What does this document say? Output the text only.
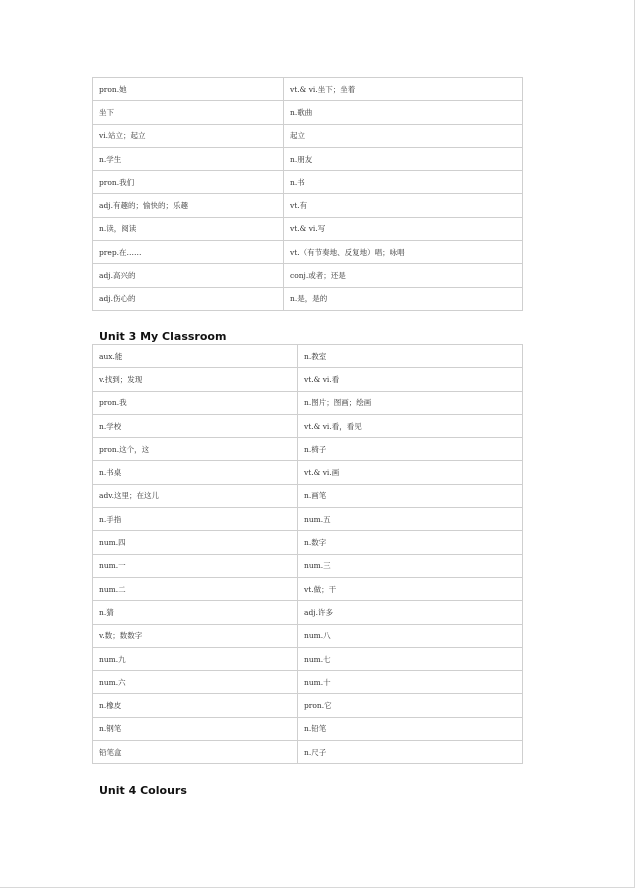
pron.她	vt.& vi.坐下；坐着
坐下	n.歌曲
vi.站立；起立	起立
n.学生	n.朋友
pron.我们	n.书
adj.有趣的；愉快的；乐趣	vt.有
n.读，阅读	vt.& vi.写
prep.在……	vt.（有节奏地、反复地）唱；咏唱
adj.高兴的	conj.或者；还是
adj.伤心的	n.是，是的
Unit 3 My Classroom
aux.能	n.教室
v.找到；发现	vt.& vi.看
pron.我	n.图片；图画；绘画
n.学校	vt.& vi.看，看见
pron.这个，这	n.椅子
n.书桌	vt.& vi.画
adv.这里；在这儿	n.画笔
n.手指	num.五
num.四	n.数字
num.一	num.三
num.二	vt.做；干
n.猜	adj.许多
v.数；数数字	num.八
num.九	num.七
num.六	num.十
n.橡皮	pron.它
n.钢笔	n.铅笔
铅笔盒	n.尺子
Unit 4 Colours
